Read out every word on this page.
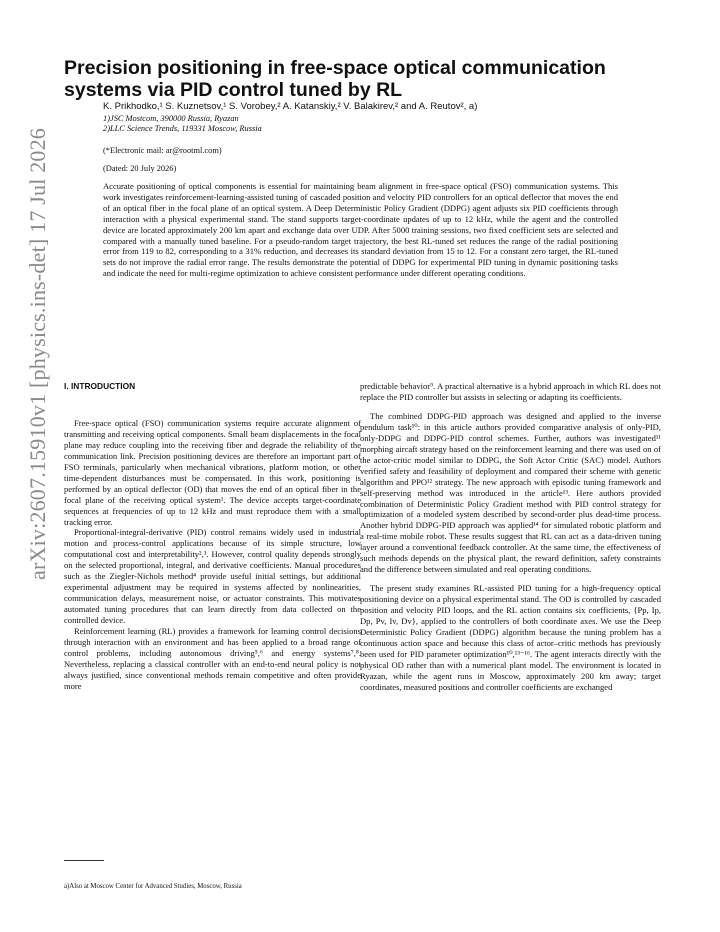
arXiv:2607.15910v1 [physics.ins-det] 17 Jul 2026
Precision positioning in free-space optical communication systems via PID control tuned by RL
K. Prikhodko,¹ S. Kuznetsov,¹ S. Vorobey,² A. Katanskiy,² V. Balakirev,² and A. Reutov², a)
1)JSC Mostcom, 390000 Russia, Ryazan
2)LLC Science Trends, 119331 Moscow, Russia
(*Electronic mail: ar@rootml.com)
(Dated: 20 July 2026)
Accurate positioning of optical components is essential for maintaining beam alignment in free-space optical (FSO) communication systems. This work investigates reinforcement-learning-assisted tuning of cascaded position and velocity PID controllers for an optical deflector that moves the end of an optical fiber in the focal plane of an optical system. A Deep Deterministic Policy Gradient (DDPG) agent adjusts six PID coefficients through interaction with a physical experimental stand. The stand supports target-coordinate updates of up to 12 kHz, while the agent and the controlled device are located approximately 200 km apart and exchange data over UDP. After 5000 training sessions, two fixed coefficient sets are selected and compared with a manually tuned baseline. For a pseudo-random target trajectory, the best RL-tuned set reduces the range of the radial positioning error from 119 to 82, corresponding to a 31% reduction, and decreases its standard deviation from 15 to 12. For a constant zero target, the RL-tuned sets do not improve the radial error range. The results demonstrate the potential of DDPG for experimental PID tuning in dynamic positioning tasks and indicate the need for multi-regime optimization to achieve consistent performance under different operating conditions.
I. INTRODUCTION

Free-space optical (FSO) communication systems require accurate alignment of transmitting and receiving optical components. Small beam displacements in the focal plane may reduce coupling into the receiving fiber and degrade the reliability of the communication link. Precision positioning devices are therefore an important part of FSO terminals, particularly when mechanical vibrations, platform motion, or other time-dependent disturbances must be compensated. In this work, positioning is performed by an optical deflector (OD) that moves the end of an optical fiber in the focal plane of the receiving optical system¹. The device accepts target-coordinate sequences at frequencies of up to 12 kHz and must reproduce them with a small tracking error.

Proportional-integral-derivative (PID) control remains widely used in industrial motion and process-control applications because of its simple structure, low computational cost and interpretability²,³. However, control quality depends strongly on the selected proportional, integral, and derivative coefficients. Manual procedures such as the Ziegler-Nichols method⁴ provide useful initial settings, but additional experimental adjustment may be required in systems affected by nonlinearities, communication delays, measurement noise, or actuator constraints. This motivates automated tuning procedures that can learn directly from data collected on the controlled device.

Reinforcement learning (RL) provides a framework for learning control decisions through interaction with an environment and has been applied to a broad range of control problems, including autonomous driving⁵,⁶ and energy systems⁷,⁸. Nevertheless, replacing a classical controller with an end-to-end neural policy is not always justified, since conventional methods remain competitive and often provide more

predictable behavior⁹. A practical alternative is a hybrid approach in which RL does not replace the PID controller but assists in selecting or adapting its coefficients.

The combined DDPG-PID approach was designed and applied to the inverse pendulum task¹⁰: in this article authors provided comparative analysis of only-PID, only-DDPG and DDPG-PID control schemes. Further, authors was investigated¹¹ morphing aircaft strategy based on the reinforcement learning and there was used on of the actor-critic model similar to DDPG, the Soft Actor Critic (SAC) model. Authors verified safety and feasibility of deployment and compared their scheme with genetic algorithm and PPO¹² strategy. The new approach with episodic tuning framework and self-preserving method was introduced in the article¹³. Here authors provided combination of Deterministic Policy Gradient method with PID control strategy for optimization of a modeled system described by second-order plus dead-time process. Another hybrid DDPG-PID approach was applied¹⁴ for simulated robotic platform and a real-time mobile robot. These results suggest that RL can act as a data-driven tuning layer around a conventional feedback controller. At the same time, the effectiveness of such methods depends on the physical plant, the reward definition, safety constraints and the difference between simulated and real operating conditions.

The present study examines RL-assisted PID tuning for a high-frequency optical positioning device on a physical experimental stand. The OD is controlled by cascaded position and velocity PID loops, and the RL action contains six coefficients, {Pp, Ip, Dp, Pv, Iv, Dv}, applied to the controllers of both coordinate axes. We use the Deep Deterministic Policy Gradient (DDPG) algorithm because the tuning problem has a continuous action space and because this class of actor–critic methods has previously been used for PID parameter optimization¹⁰,¹³⁻¹⁶. The agent interacts directly with the physical OD rather than with a numerical plant model. The environment is located in Ryazan, while the agent runs in Moscow, approximately 200 km away; target coordinates, measured positions and controller coefficients are exchanged

a)Also at Moscow Center for Advanced Studies, Moscow, Russia
